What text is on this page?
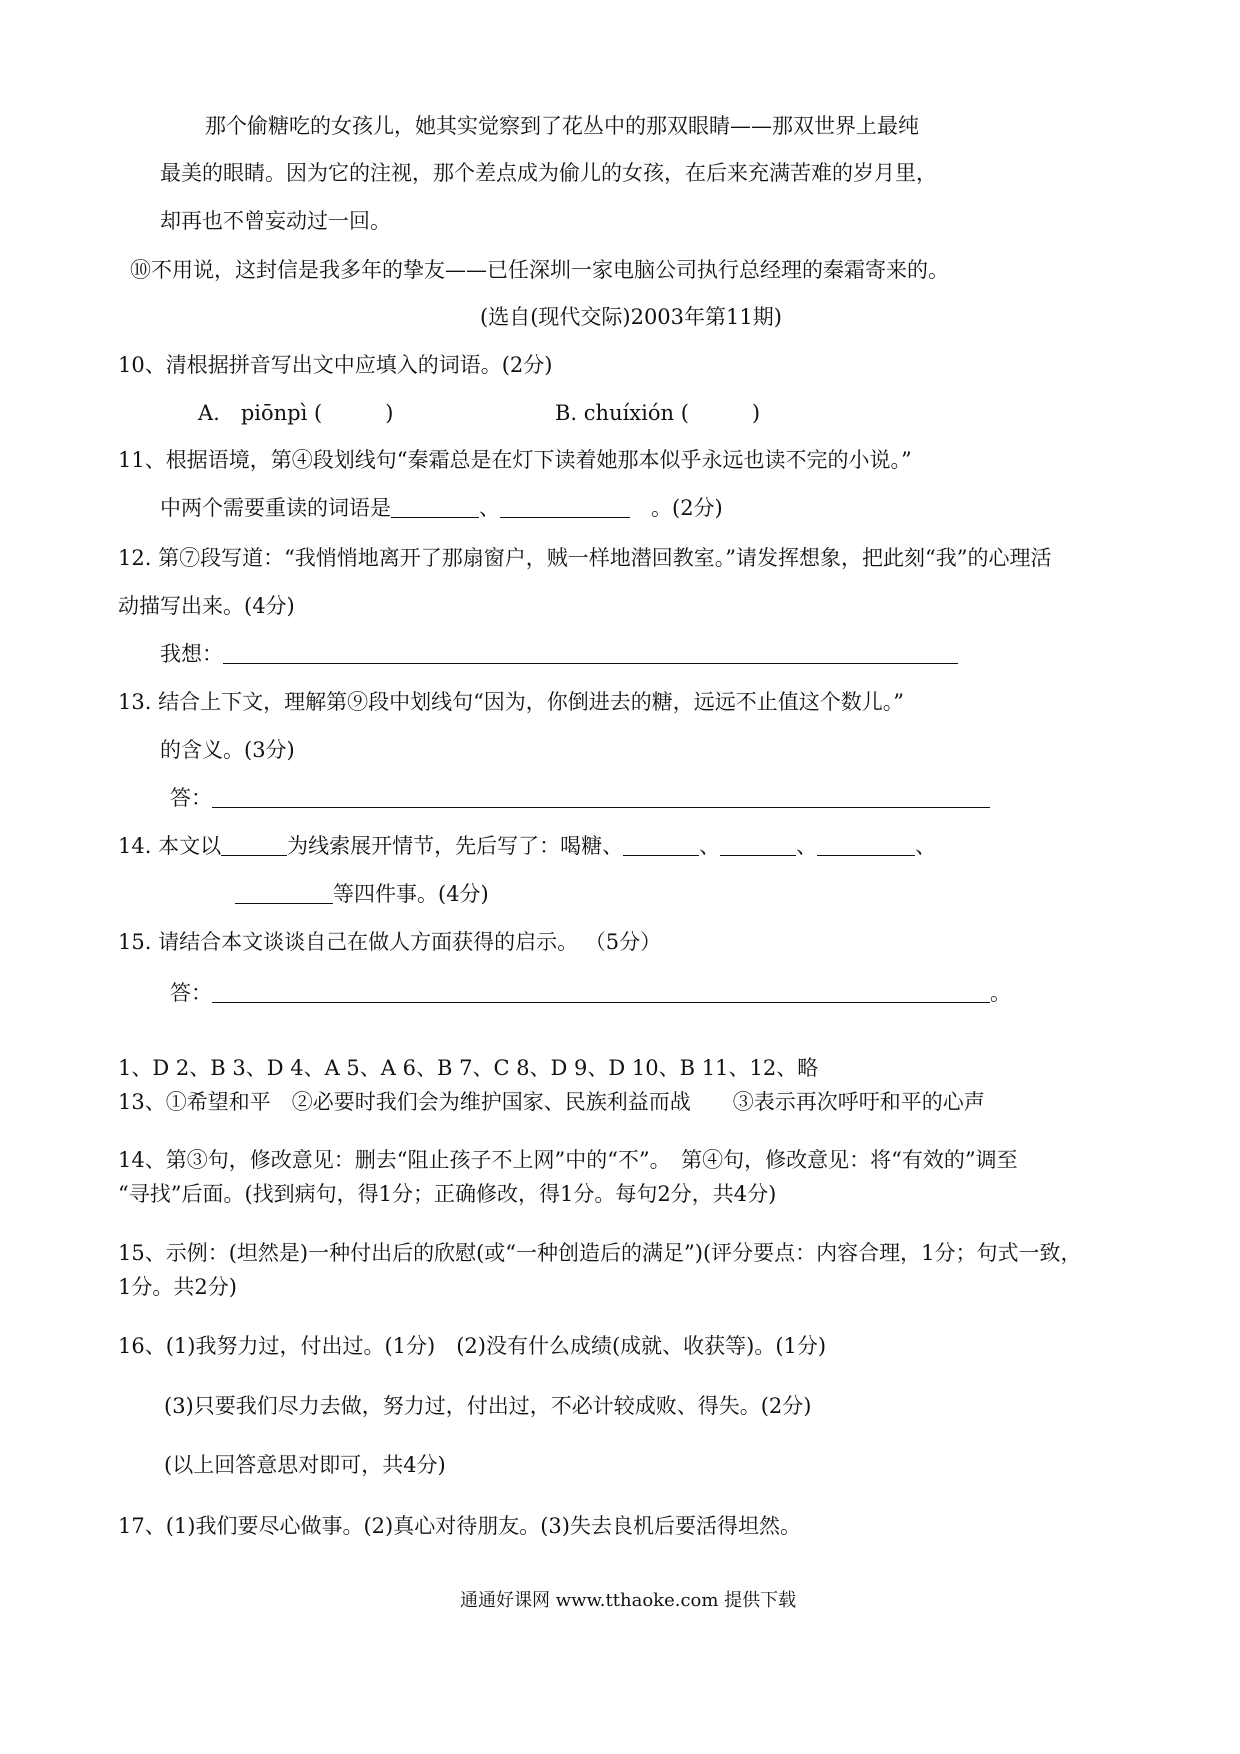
那个偷糖吃的女孩儿，她其实觉察到了花丛中的那双眼睛——那双世界上最纯
最美的眼睛。因为它的注视，那个差点成为偷儿的女孩，在后来充满苦难的岁月里，
却再也不曾妄动过一回。
⑩不用说，这封信是我多年的挚友——已任深圳一家电脑公司执行总经理的秦霜寄来的。
(选自(现代交际)2003年第11期)
10、清根据拼音写出文中应填入的词语。(2分)
A.　piōnpì (　　　)	B. chuíxión (　　　)
11、根据语境，第④段划线句“秦霜总是在灯下读着她那本似乎永远也读不完的小说。”
中两个需要重读的词语是	、　	。(2分)
12. 第⑦段写道：“我悄悄地离开了那扇窗户，贼一样地潜回教室。”请发挥想象，把此刻“我”的心理活
动描写出来。(4分)
我想：
13. 结合上下文，理解第⑨段中划线句“因为，你倒进去的糖，远远不止值这个数儿。”
的含义。(3分)
答：
14. 本文以	为线索展开情节，先后写了：喝糖、	、	、	、
等四件事。(4分)
15. 请结合本文谈谈自己在做人方面获得的启示。 （5分）
答：	。
1、D 2、B 3、D 4、A 5、A 6、B 7、C 8、D 9、D 10、B 11、12、略
13、①希望和平　②必要时我们会为维护国家、民族利益而战　　③表示再次呼吁和平的心声
14、第③句，修改意见：删去“阻止孩子不上网”中的“不”。　第④句，修改意见：将“有效的”调至
“寻找”后面。(找到病句，得1分；正确修改，得1分。每句2分，共4分)
15、示例：(坦然是)一种付出后的欣慰(或“一种创造后的满足”)(评分要点：内容合理，1分；句式一致，
1分。共2分)
16、(1)我努力过，付出过。(1分)　(2)没有什么成绩(成就、收获等)。(1分)
(3)只要我们尽力去做，努力过，付出过，不必计较成败、得失。(2分)
(以上回答意思对即可，共4分)
17、(1)我们要尽心做事。(2)真心对待朋友。(3)失去良机后要活得坦然。
通通好课网 www.tthaoke.com 提供下载
